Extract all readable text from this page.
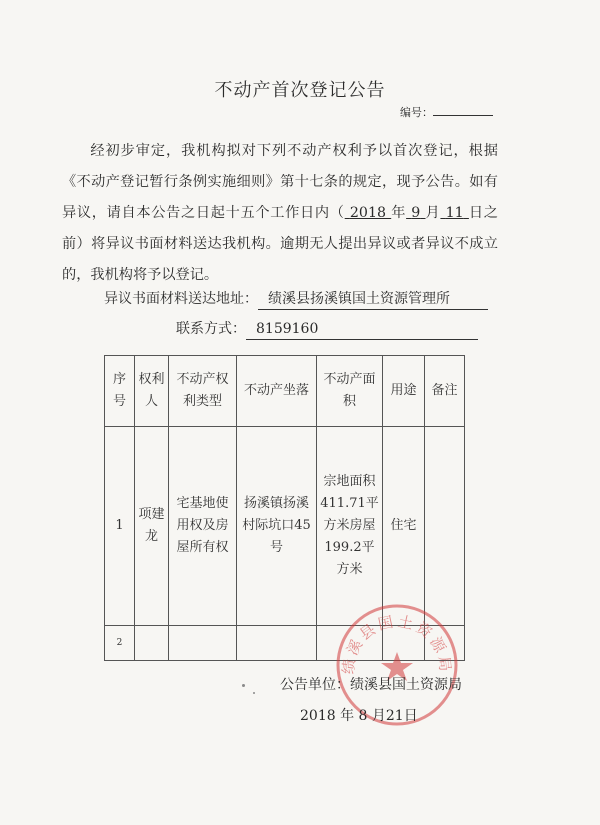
不动产首次登记公告
编号：

经初步审定，我机构拟对下列不动产权利予以首次登记，根据《不动产登记暂行条例实施细则》第十七条的规定，现予公告。如有异议，请自本公告之日起十五个工作日内（ 2018 年 9 月 11 日之前）将异议书面材料送达我机构。逾期无人提出异议或者异议不成立的，我机构将予以登记。

异议书面材料送达地址： 绩溪县扬溪镇国土资源管理所
联系方式： 8159160
序号	权利人	不动产权利类型	不动产坐落	不动产面积	用途	备注
1	项建龙	宅基地使用权及房屋所有权	扬溪镇扬溪村际坑口45号	宗地面积411.71平方米房屋199.2平方米	住宅	
2						
绩溪县国土资源局
公告单位：绩溪县国土资源局
2018 年 8 月21日
